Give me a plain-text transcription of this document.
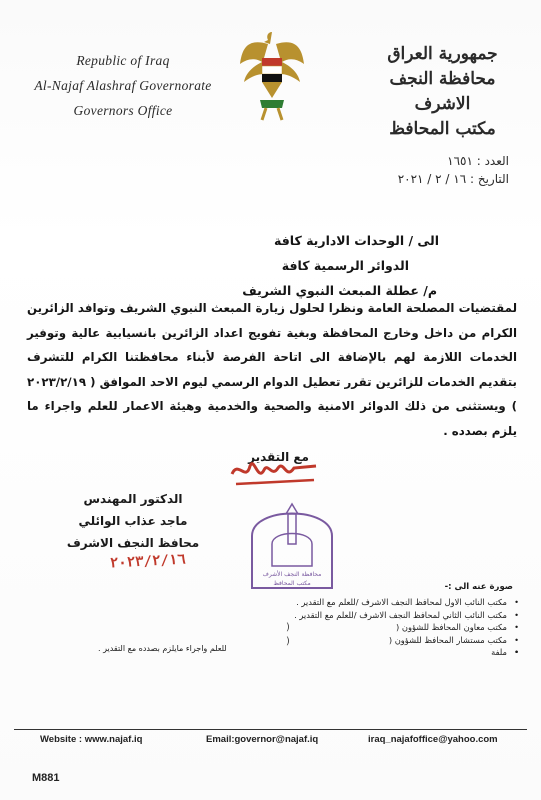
Republic of Iraq
Al-Najaf Alashraf Governorate
Governors Office
جمهورية العراق
محافظة النجف الاشرف
مكتب المحافظ
العدد : ١٦٥١
التاريخ : ١٦ / ٢ / ٢٠٢١
الى / الوحدات الادارية كافة
الدوائر الرسمية كافة
م/ عطلة المبعث النبوي الشريف
لمقتضيات المصلحة العامة ونظرا لحلول زيارة المبعث النبوي الشريف وتوافد الزائرين الكرام من داخل وخارج المحافظة وبغية تفويج اعداد الزائرين بانسيابية عالية وتوفير الخدمات اللازمة لهم بالإضافة الى اتاحة الفرصة لأبناء محافظتنا الكرام للتشرف بتقديم الخدمات للزائرين تقرر تعطيل الدوام الرسمي ليوم الاحد الموافق ( ٢٠٢٣/٢/١٩ ) ويستثنى من ذلك الدوائر الامنية والصحية والخدمية وهيئة الاعمار للعلم واجراء ما يلزم بصدده .
مع التقدير
محافظة النجف الأشرف
مكتب المحافظ
الدكتور المهندس
ماجد عذاب الوائلي
محافظ النجف الاشرف
٢٠٢٣/٢/١٦
صورة عنه الى :-
• مكتب النائب الاول لمحافظ النجف الاشرف /للعلم مع التقدير .
• مكتب النائب الثاني لمحافظ النجف الاشرف /للعلم مع التقدير .
• مكتب معاون المحافظ للشؤون (
• مكتب مستشار المحافظ للشؤون (
• ملفة
)
)
للعلم واجراء مايلزم بصدده مع التقدير .
Website : www.najaf.iq	Email:governor@najaf.iq	iraq_najafoffice@yahoo.com
M881
